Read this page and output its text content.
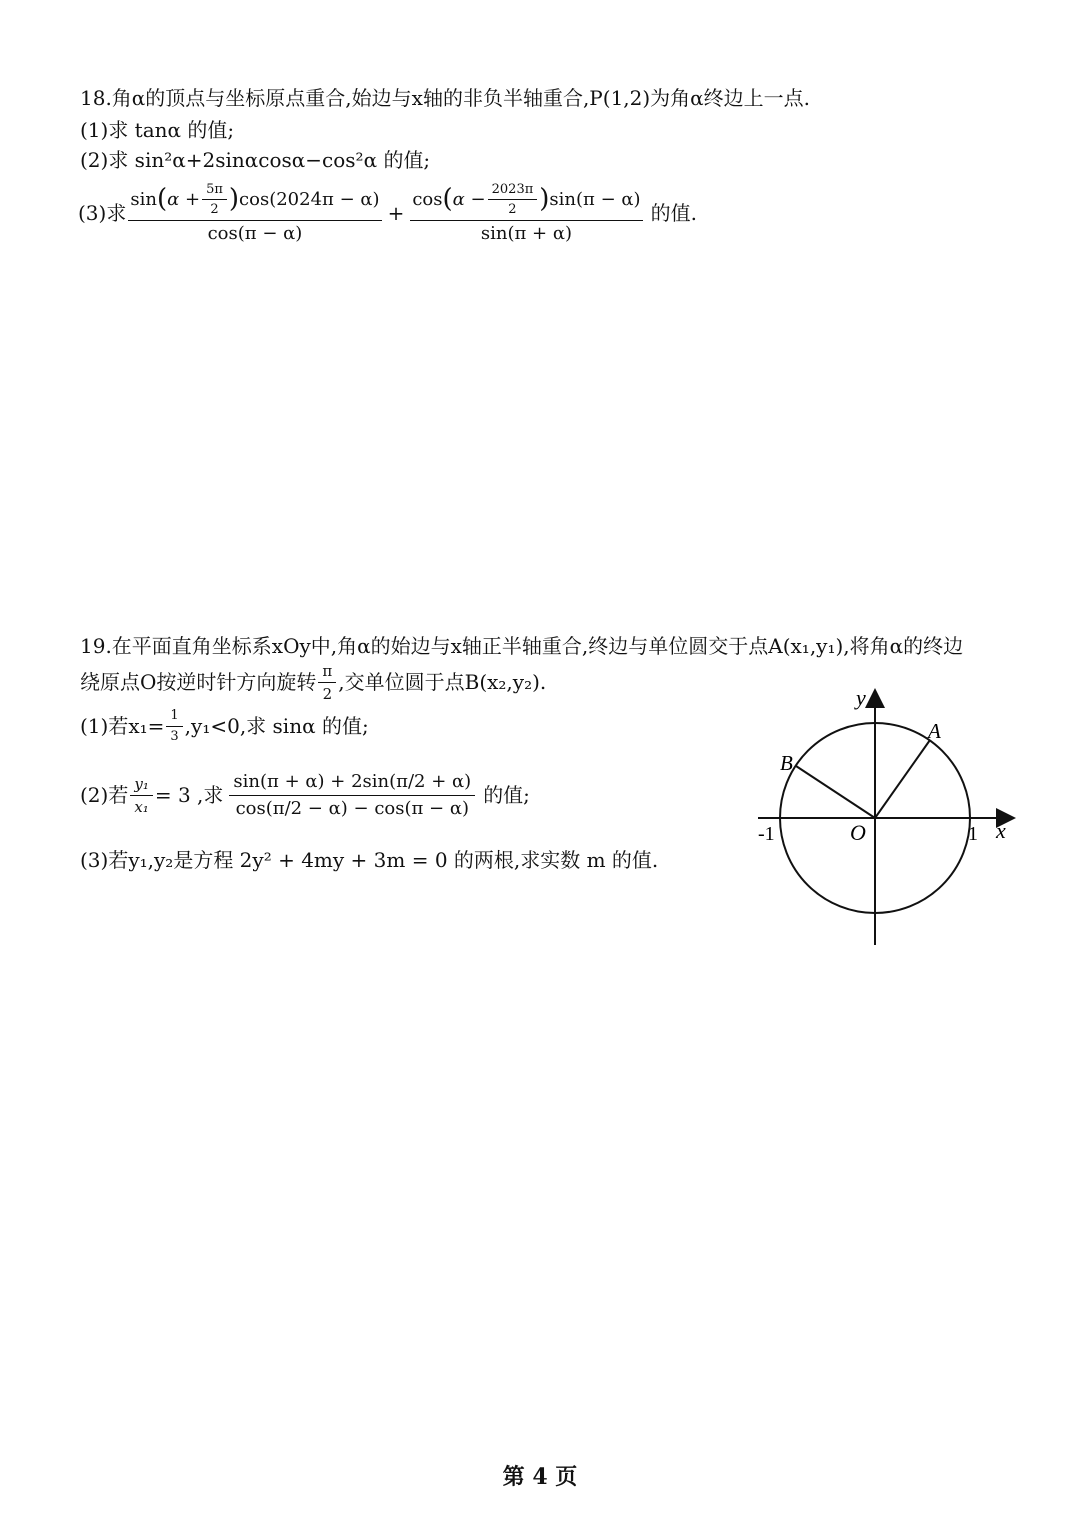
18.角α的顶点与坐标原点重合,始边与x轴的非负半轴重合,P(1,2)为角α终边上一点.
(1)求 tanα 的值;
(2)求 sin²α+2sinαcosα−cos²α 的值;
(3)求
sin ( $\alpha + \frac{5\pi}{2}$ ) cos(2024π − α)
cos(π − α)
+
cos ( $\alpha - \frac{2023\pi}{2}$ ) sin(π − α)
sin(π + α)
的值.
19.在平面直角坐标系xOy中,角α的始边与x轴正半轴重合,终边与单位圆交于点A(x₁,y₁),将角α的终边
绕原点O按逆时针方向旋转 $\frac{\pi}{2}$ ,交单位圆于点B(x₂,y₂).
(1)若$x_1= \frac{1}{3} ,y_1<0$,求 sinα 的值;
(2)若 $\frac{\text{y₁}}{\text{x₁}} = 3$ ,求 $\frac{\sin(\pi + \alpha) + 2\sin(\pi/2 + \alpha)}{\cos(\pi/2 - \alpha) - \cos(\pi - \alpha)}$ 的值;
(3)若y₁,y₂是方程 2y² + 4my + 3m = 0 的两根,求实数 m 的值.
y
x
O
-1	1
A
B
第 4 页
